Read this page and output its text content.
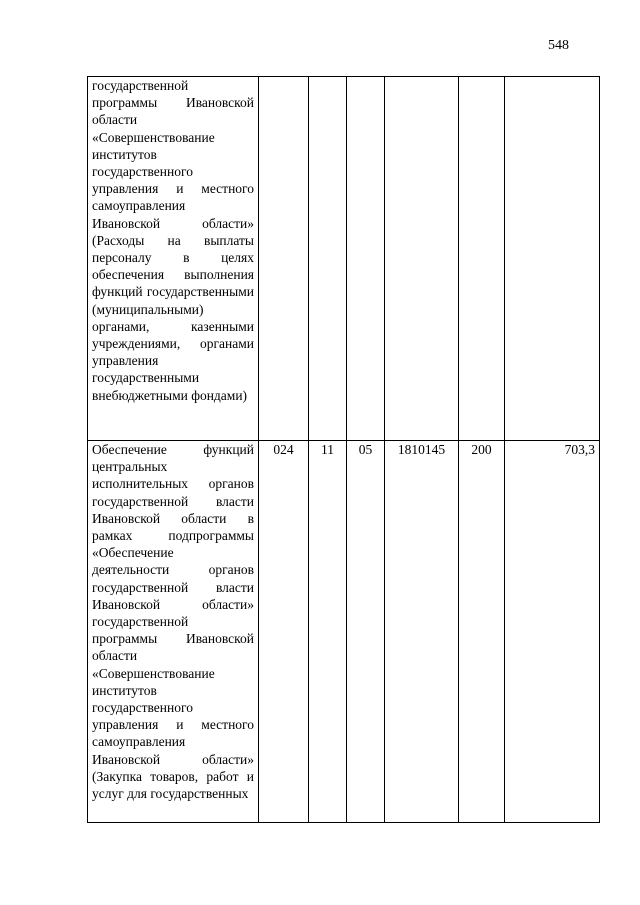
548
государственной программы Ивановской области «Совершенствование институтов государственного управления и местного самоуправления Ивановской области» (Расходы на выплаты персоналу в целях обеспечения выполнения функций государственными (муниципальными) органами, казенными учреждениями, органами управления государственными внебюджетными фондами)						

Обеспечение функций центральных исполнительных органов государственной власти Ивановской области в рамках подпрограммы «Обеспечение деятельности органов государственной власти Ивановской области» государственной программы Ивановской области «Совершенствование институтов государственного управления и местного самоуправления Ивановской области» (Закупка товаров, работ и услуг для государственных	024	11	05	1810145	200	703,3
